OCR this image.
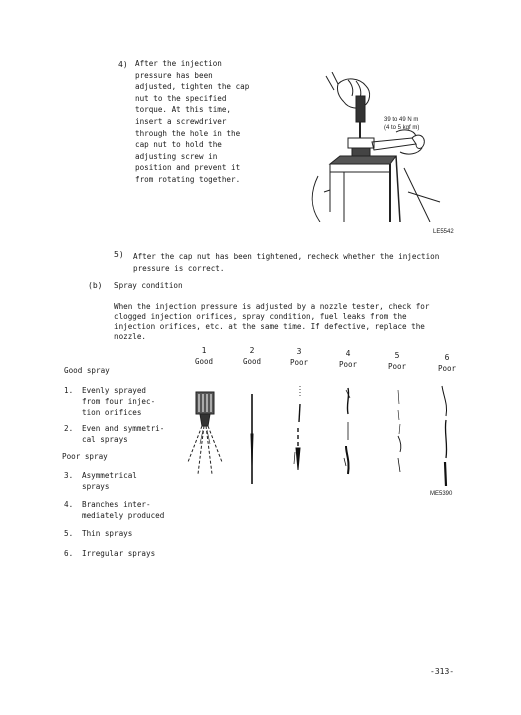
4) After the injection
pressure has been
adjusted, tighten the cap
nut to the specified
torque. At this time,
insert a screwdriver
through the hole in the
cap nut to hold the
adjusting screw in
position and prevent it
from rotating together.
39 to 49 N m
(4 to 5 kgf m)
LE5542
5) After the cap nut has been tightened, recheck whether the injection
pressure is correct.
(b) Spray condition
When the injection pressure is adjusted by a nozzle tester, check for
clogged injection orifices, spray condition, fuel leaks from the
injection orifices, etc. at the same time. If defective, replace the
nozzle.
1
Good
2
Good
3
Poor
4
Poor
5
Poor
6
Poor
ME5390
Good spray
1. Evenly sprayed
from four injec-
tion orifices
2. Even and symmetri-
cal sprays
Poor spray
3. Asymmetrical
sprays
4. Branches inter-
mediately produced
5. Thin sprays
6. Irregular sprays
-313-
